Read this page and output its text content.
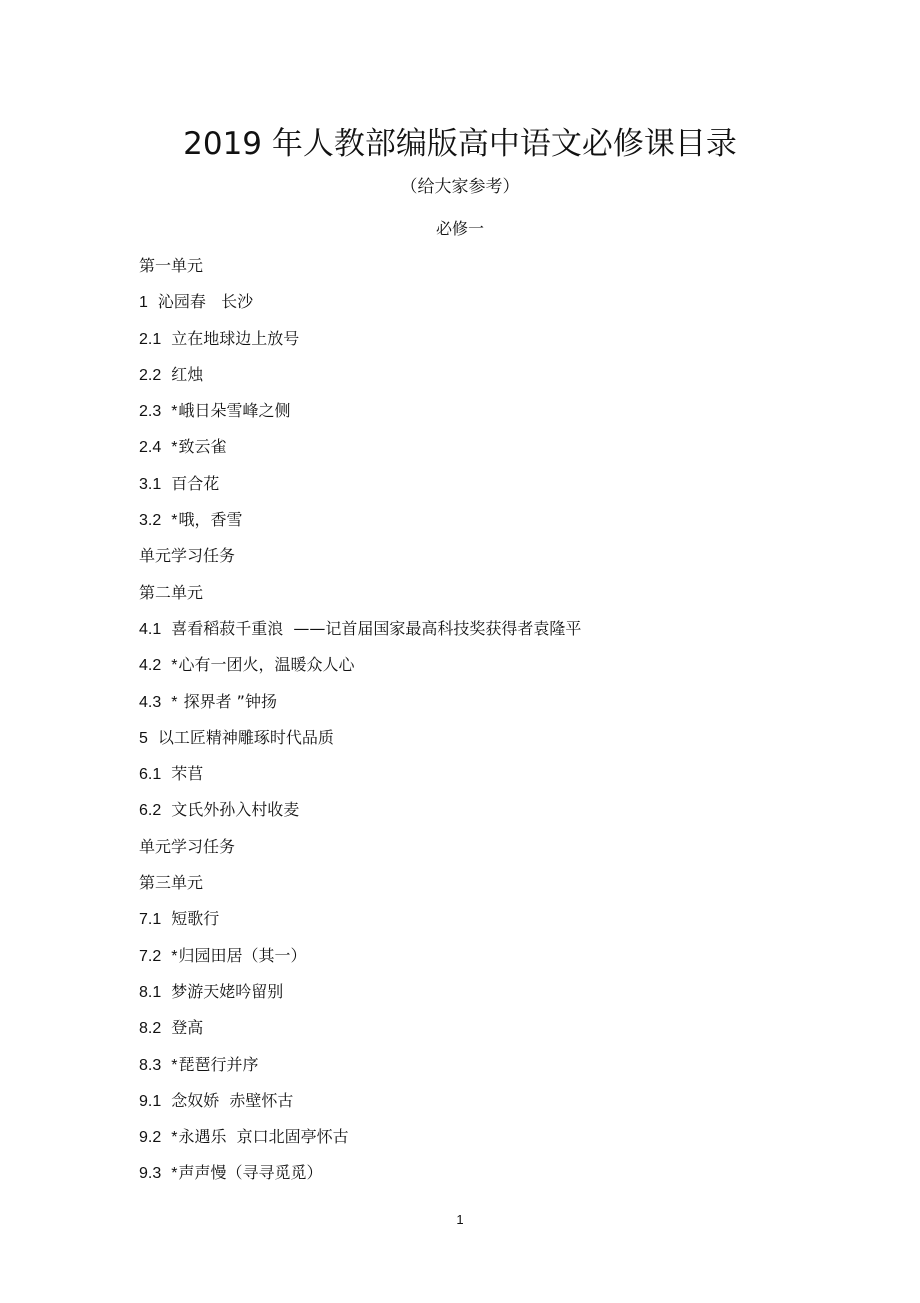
2019 年人教部编版高中语文必修课目录
（给大家参考）
必修一
第一单元
1 沁园春   长沙
2.1 立在地球边上放号
2.2 红烛
2.3 *峨日朵雪峰之侧
2.4 *致云雀
3.1 百合花
3.2 *哦，香雪
单元学习任务
第二单元
4.1 喜看稻菽千重浪  ——记首届国家最高科技奖获得者袁隆平
4.2 *心有一团火，温暖众人心
4.3 * 探界者 ”钟扬
5 以工匠精神雕琢时代品质
6.1 芣苢
6.2 文氏外孙入村收麦
单元学习任务
第三单元
7.1 短歌行
7.2 *归园田居（其一）
8.1 梦游天姥吟留别
8.2 登高
8.3 *琵琶行并序
9.1 念奴娇  赤壁怀古
9.2 *永遇乐  京口北固亭怀古
9.3 *声声慢（寻寻觅觅）
1
